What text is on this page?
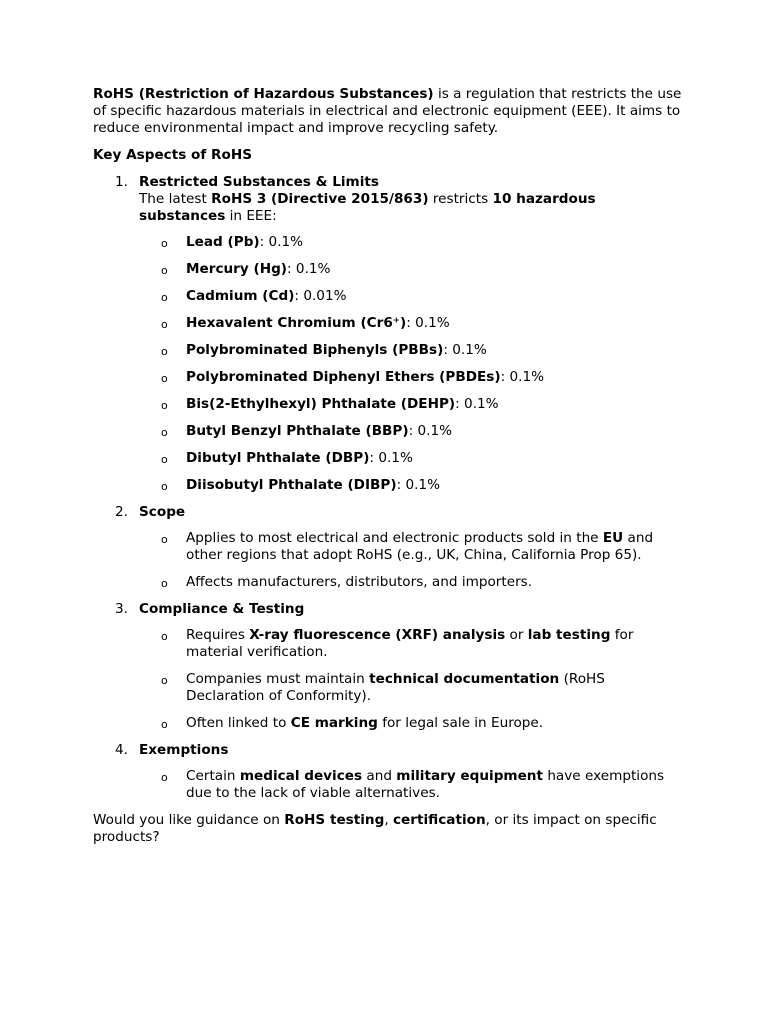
RoHS (Restriction of Hazardous Substances) is a regulation that restricts the use of specific hazardous materials in electrical and electronic equipment (EEE). It aims to reduce environmental impact and improve recycling safety.

Key Aspects of RoHS

1. Restricted Substances & Limits
The latest RoHS 3 (Directive 2015/863) restricts 10 hazardous substances in EEE:
o Lead (Pb): 0.1%
o Mercury (Hg): 0.1%
o Cadmium (Cd): 0.01%
o Hexavalent Chromium (Cr6⁺): 0.1%
o Polybrominated Biphenyls (PBBs): 0.1%
o Polybrominated Diphenyl Ethers (PBDEs): 0.1%
o Bis(2-Ethylhexyl) Phthalate (DEHP): 0.1%
o Butyl Benzyl Phthalate (BBP): 0.1%
o Dibutyl Phthalate (DBP): 0.1%
o Diisobutyl Phthalate (DIBP): 0.1%
2. Scope
o Applies to most electrical and electronic products sold in the EU and other regions that adopt RoHS (e.g., UK, China, California Prop 65).
o Affects manufacturers, distributors, and importers.
3. Compliance & Testing
o Requires X-ray fluorescence (XRF) analysis or lab testing for material verification.
o Companies must maintain technical documentation (RoHS Declaration of Conformity).
o Often linked to CE marking for legal sale in Europe.
4. Exemptions
o Certain medical devices and military equipment have exemptions due to the lack of viable alternatives.

Would you like guidance on RoHS testing, certification, or its impact on specific products?
